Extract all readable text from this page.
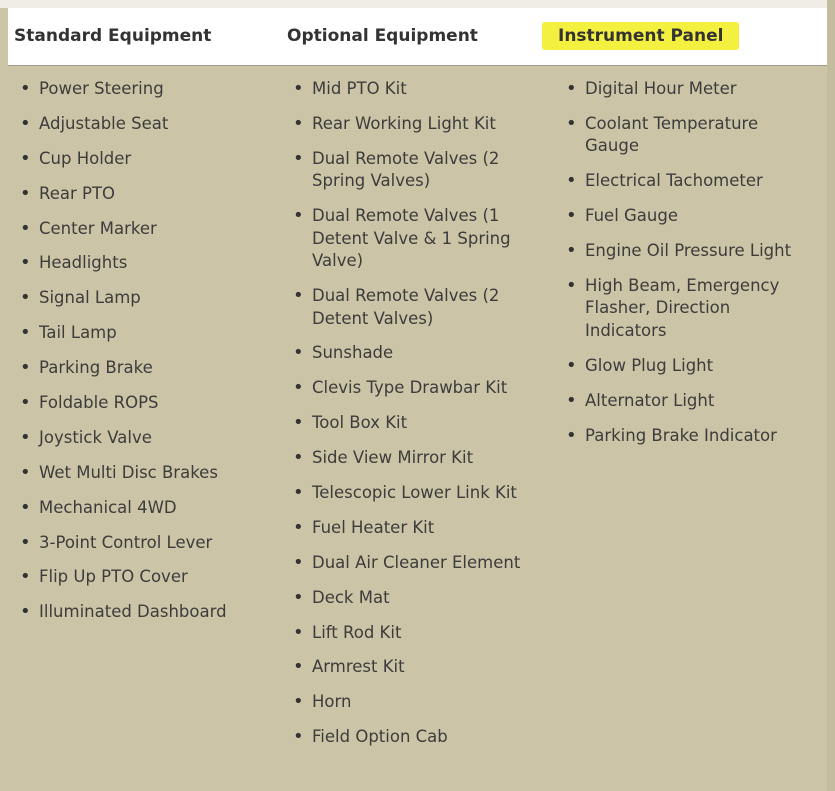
Standard Equipment	Optional Equipment	Instrument Panel
• Power Steering
• Adjustable Seat
• Cup Holder
• Rear PTO
• Center Marker
• Headlights
• Signal Lamp
• Tail Lamp
• Parking Brake
• Foldable ROPS
• Joystick Valve
• Wet Multi Disc Brakes
• Mechanical 4WD
• 3-Point Control Lever
• Flip Up PTO Cover
• Illuminated Dashboard
• Mid PTO Kit
• Rear Working Light Kit
• Dual Remote Valves (2 Spring Valves)
• Dual Remote Valves (1 Detent Valve & 1 Spring Valve)
• Dual Remote Valves (2 Detent Valves)
• Sunshade
• Clevis Type Drawbar Kit
• Tool Box Kit
• Side View Mirror Kit
• Telescopic Lower Link Kit
• Fuel Heater Kit
• Dual Air Cleaner Element
• Deck Mat
• Lift Rod Kit
• Armrest Kit
• Horn
• Field Option Cab
• Digital Hour Meter
• Coolant Temperature Gauge
• Electrical Tachometer
• Fuel Gauge
• Engine Oil Pressure Light
• High Beam, Emergency Flasher, Direction Indicators
• Glow Plug Light
• Alternator Light
• Parking Brake Indicator
